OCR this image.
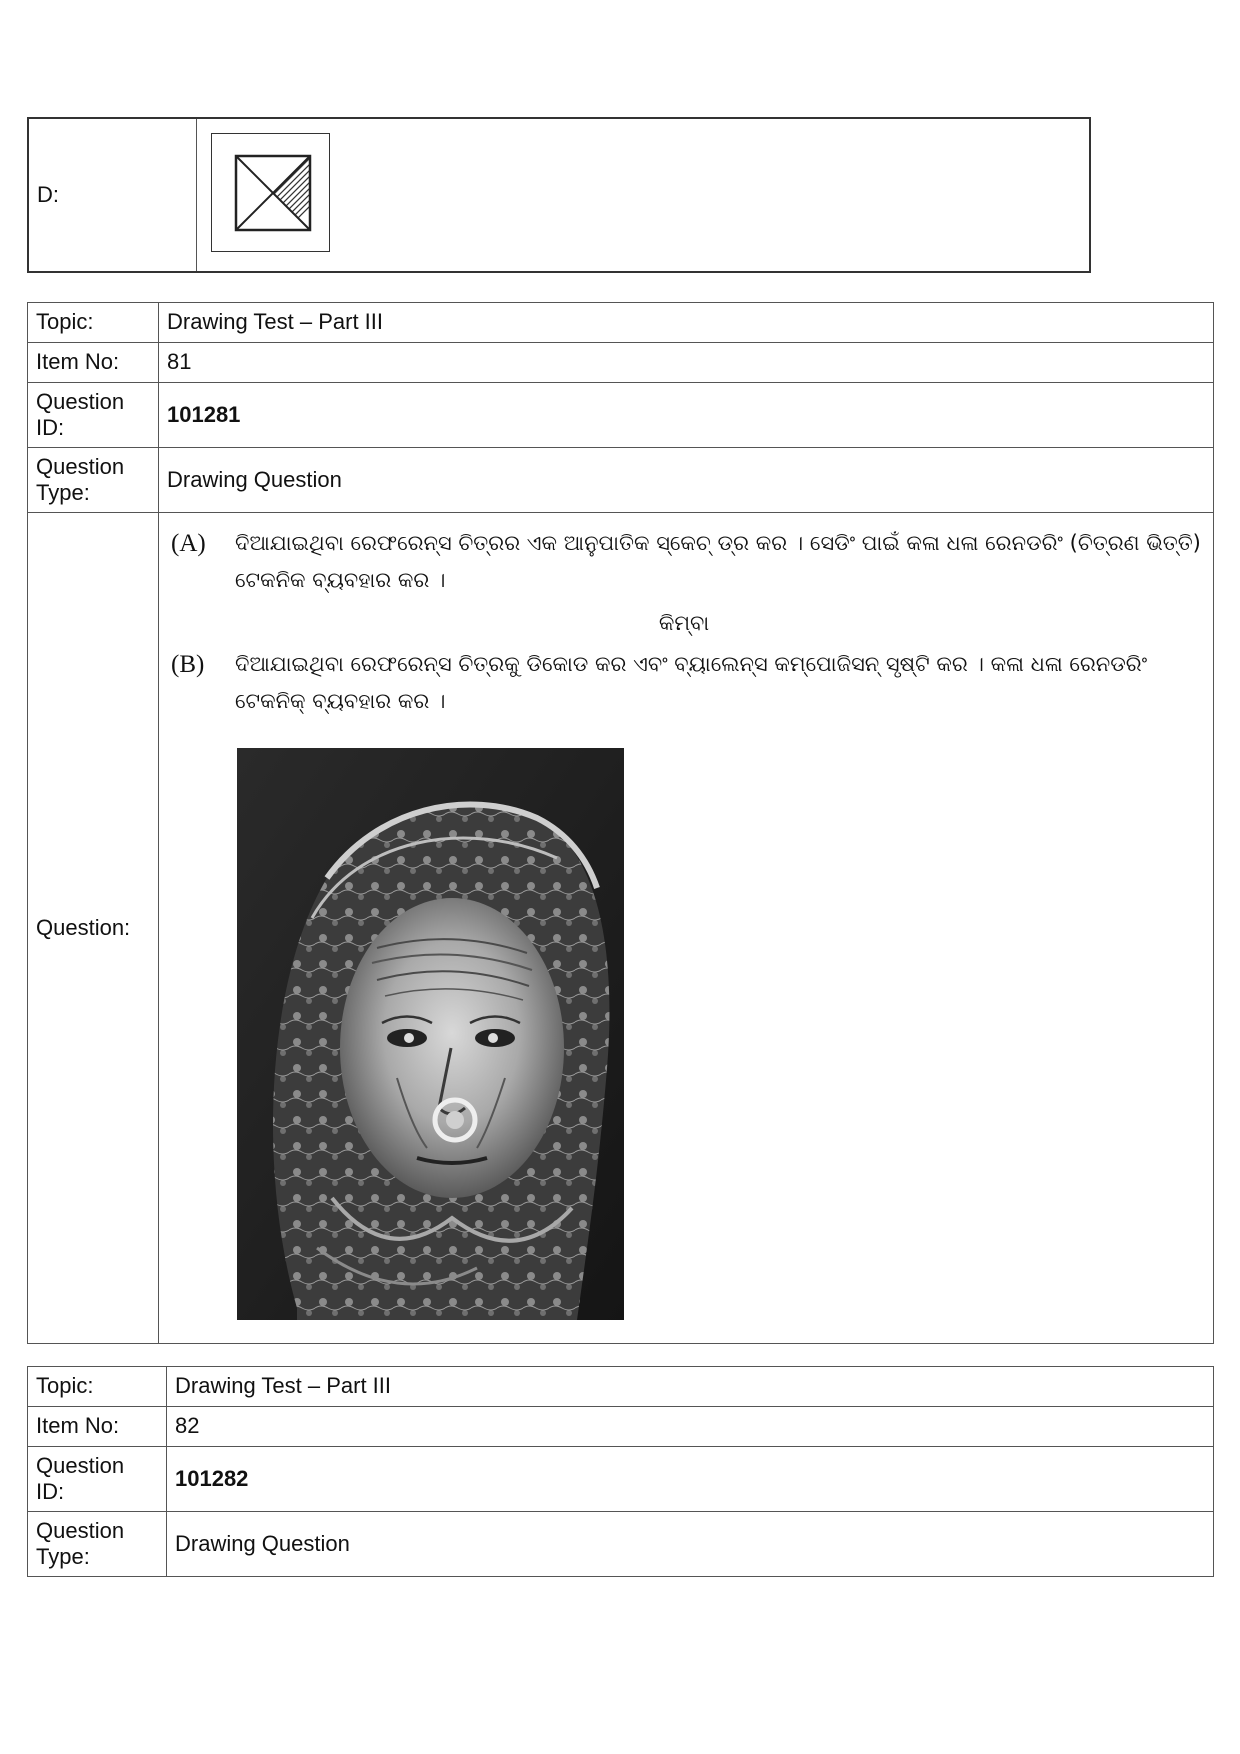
D:	
Topic:	Drawing Test – Part III
Item No:	81
Question ID:	101281
Question Type:	Drawing Question
Question:	(A) ଦିଆଯାଇଥିବା ରେଫରେନ୍ସ ଚିତ୍ରର ଏକ ଆନୁପାତିକ ସ୍କେଚ୍ ଡ୍ର କର । ସେଡିଂ ପାଇଁ କଳା ଧଳା ରେନଡରିଂ (ଚିତ୍ରଣ ଭିତ୍ତି) ଟେକନିକ ବ୍ୟବହାର କର ।
କିମ୍ବା
(B) ଦିଆଯାଇଥିବା ରେଫରେନ୍ସ ଚିତ୍ରକୁ ଡିକୋଡ କର ଏବଂ ବ୍ୟାଲେନ୍ସ କମ୍ପୋଜିସନ୍ ସୃଷ୍ଟି କର । କଳା ଧଳା ରେନଡରିଂ ଟେକନିକ୍ ବ୍ୟବହାର କର ।
Topic:	Drawing Test – Part III
Item No:	82
Question ID:	101282
Question Type:	Drawing Question
